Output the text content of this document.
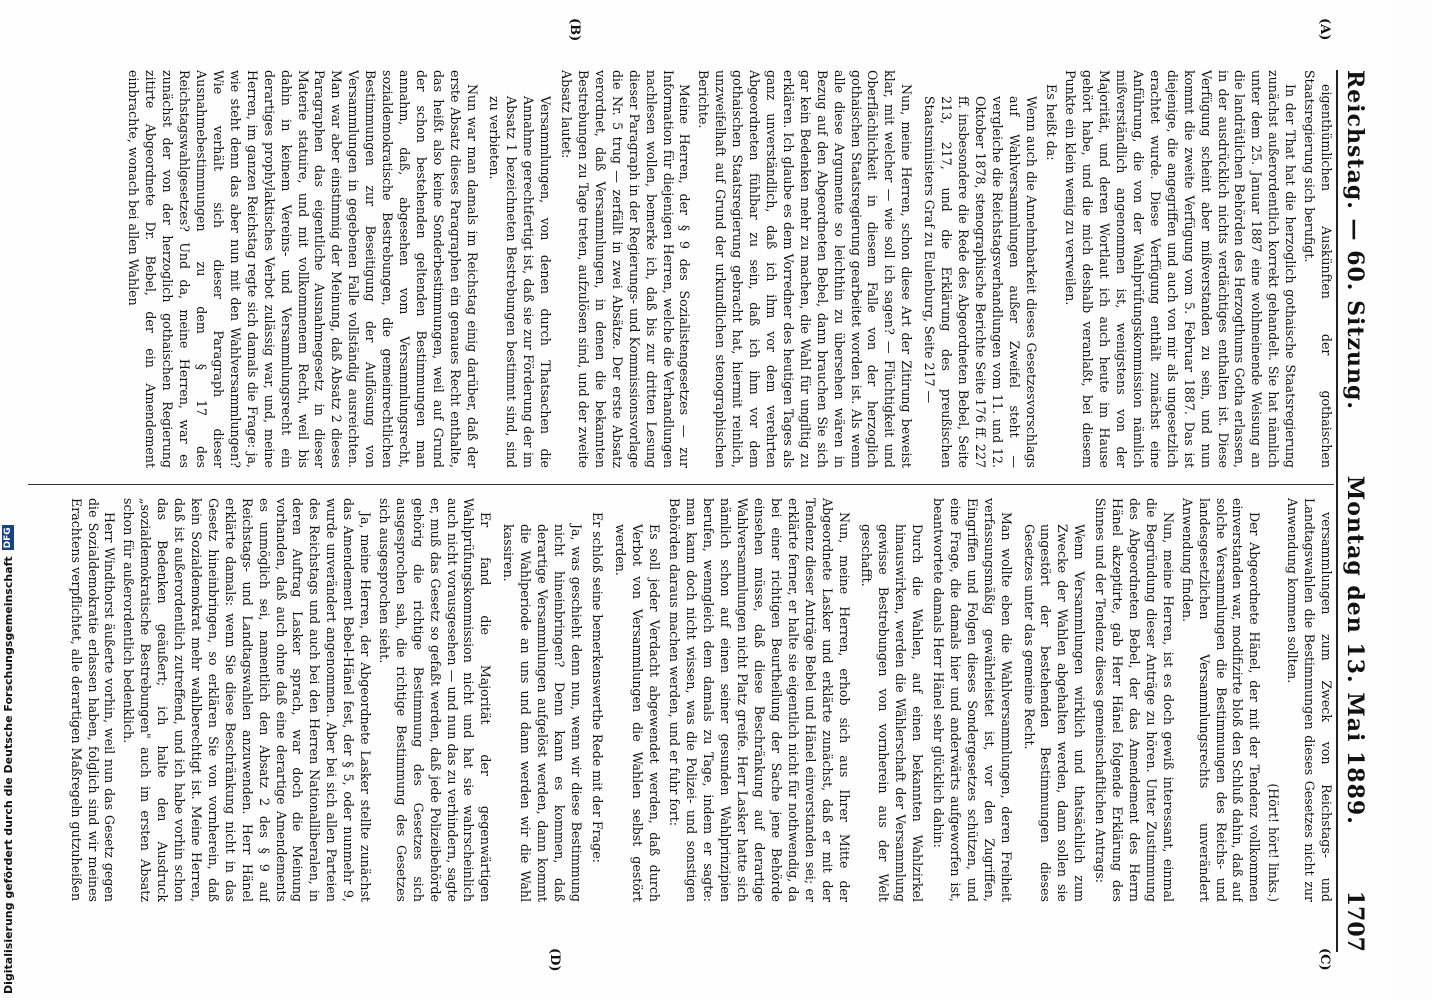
Reichstag. — 60. Sitzung.
Montag den 13. Mai 1889.
1707
(A)
(B)
(C)
(D)

eigenthümlichen Auskünften der gothaischen Staatsregierung sich berufigt.

In der That hat die herzoglich gothaische Staatsregierung zunächst außerordentlich korrekt gehandelt. Sie hat nämlich unter dem 25. Januar 1887 eine wohlmeinende Weisung an die landrätlichen Behörden des Herzogthums Gotha erlassen, in der ausdrücklich nichts verdächtiges enthalten ist. Diese Verfügung scheint aber mißverstanden zu sein, und nun kommt die zweite Verfügung vom 5. Februar 1887. Das ist diejenige, die angegriffen und auch von mir als ungesetzlich erachtet wurde. Diese Verfügung enthält zunächst eine Anführung, die von der Wahlprüfungskommission nämlich mißverständlich angenommen ist, wenigstens von der Majorität, und deren Wortlaut ich auch heute im Hause gehört habe, und die mich deshalb veranlaßt, bei diesem Punkte ein klein wenig zu verweilen.

Es heißt da:

Wenn auch die Annehmbarkeit dieses Gesetzesvorschlags auf Wahlversammlungen außer Zweifel steht — vergleiche die Reichstagsverhandlungen vom 11. und 12. Oktober 1878, stenographische Berichte Seite 176 ff. 227 ff. insbesondere die Rede des Abgeordneten Bebel, Seite 213, 217, und die Erklärung des preußischen Staatsministers Graf zu Eulenburg, Seite 217 —

Nun, meine Herren, schon diese Art der Zitirung beweist klar, mit welcher — wie soll ich sagen? — Flüchtigkeit und Oberflächlichkeit in diesem Falle von der herzoglich gothaischen Staatsregierung gearbeitet worden ist. Als wenn alle diese Argumente so leichthin zu übersehen wären in Bezug auf den Abgeordneten Bebel, dann brauchen Sie sich gar kein Bedenken mehr zu machen, die Wahl für ungiltig zu erklären. Ich glaube es dem Vorredner des heutigen Tages als ganz unverständlich, daß ich ihm vor dem verehrten Abgeordneten fühlbar zu sein, daß ich ihm vor dem gothaischen Staatsregierung gebracht hat, hiermit reinlich, unzweifelhaft auf Grund der urkundlichen stenographischen Berichte.

Meine Herren, der § 9 des Sozialistengesetzes — zur Information für diejenigen Herren, welche die Verhandlungen nachlesen wollen, bemerke ich, daß bis zur dritten Lesung dieser Paragraph in der Regierungs- und Kommissionsvorlage die Nr. 5 trug — zerfällt in zwei Absätze. Der erste Absatz verordnet, daß Versammlungen, in denen die bekannten Bestrebungen zu Tage treten, aufzulösen sind, und der zweite Absatz lautet:

Versammlungen, von denen durch Thatsachen die Annahme gerechtfertigt ist, daß sie zur Förderung der im Absatz 1 bezeichneten Bestrebungen bestimmt sind, sind zu verbieten.

Nun war man damals im Reichstag einig darüber, daß der erste Absatz dieses Paragraphen ein genaues Recht enthalte, das heißt also keine Sonderbestimmungen, weil auf Grund der schon bestehenden geltenden Bestimmungen man annahm, daß, abgesehen vom Versammlungsrecht, sozialdemokratische Bestrebungen, die gemeinrechtlichen Bestimmungen zur Beseitigung der Auflösung von Versammlungen in gegebenen Falle vollständig ausreichten. Man war aber einstimmig der Meinung, daß Absatz 2 dieses Paragraphen das eigentliche Ausnahmegesetz in dieser Materie statuire, und mit vollkommenem Recht, weil bis dahin in keinem Vereins- und Versammlungsrecht ein derartiges prophylaktisches Verbot zulässig war, und, meine Herren, im ganzen Reichstag regte sich damals die Frage: ja, wie steht denn das aber nun mit den Wahlversammlungen? Wie verhält sich dieser Paragraph dieser Ausnahmebestimmungen zu dem § 17 des Reichstagswahlgesetzes? Und da, meine Herren, war es zunächst der von der herzoglich gothaischen Regierung zitirte Abgeordnete Dr. Bebel, der ein Amendement einbrachte, wonach bei allen Wahlen

versammlungen zum Zweck von Reichstags- und Landtagswahlen die Bestimmungen dieses Gesetzes nicht zur Anwendung kommen sollten.

(Hört! hört! links.)

Der Abgeordnete Hänel, der mit der Tendenz vollkommen einverstanden war, modifizirte bloß den Schluß dahin, daß auf solche Versammlungen die Bestimmungen des Reichs- und landesgesetzlichen Versammlungsrechts unverändert Anwendung finden.

Nun, meine Herren, ist es doch gewiß interessant, einmal die Begründung dieser Anträge zu hören. Unter Zustimmung des Abgeordneten Bebel, der das Amendement des Herrn Hänel akzeptirte, gab Herr Hänel folgende Erklärung des Sinnes und der Tendenz dieses gemeinschaftlichen Antrags:

Wenn Versammlungen wirklich und thatsächlich zum Zwecke der Wahlen abgehalten werden, dann sollen sie ungestört der bestehenden Bestimmungen dieses Gesetzes unter das gemeine Recht.

Man wollte eben die Wahlversammlungen, deren Freiheit verfassungsmäßig gewährleistet ist, vor den Zugriffen, Eingriffen und Folgen dieses Sondergesetzes schützen, und eine Frage, die damals hier und anderwärts aufgeworfen ist, beantwortete damals Herr Hänel sehr glücklich dahin:

Durch die Wahlen, auf einen bekannten Wahlzirkel hinauswirken, werden die Wählerschaft der Versammlung gewisse Bestrebungen von vornherein aus der Welt geschafft.

Nun, meine Herren, erhob sich aus Ihrer Mitte der Abgeordnete Lasker und erklärte zunächst, daß er mit der Tendenz dieser Anträge Bebel und Hänel einverstanden sei; er erklärte ferner, er halte sie eigentlich nicht für nothwendig, da bei einer richtigen Beurtheilung der Sache jene Behörde einsehen müsse, daß diese Beschränkung auf derartige Wahlversammlungen nicht Platz greife. Herr Lasker hatte sich nämlich schon auf einen seiner gesunden Wahlprinzipien berufen, wenngleich dem damals zu Tage, indem er sagte: man kann doch nicht wissen, was die Polizei- und sonstigen Behörden daraus machen werden, und er fuhr fort:

Es soll jeder Verdacht abgewendet werden, daß durch Verbot von Versammlungen die Wahlen selbst gestört werden.

Er schloß seine bemerkenswerthe Rede mit der Frage:

Ja, was geschieht denn nun, wenn wir diese Bestimmung nicht hineinbringen? Denn kann es kommen, daß derartige Versammlungen aufgelöst werden, dann kommt die Wahlperiode an uns und dann werden wir die Wahl kassiren.

Er fand die Majorität der gegenwärtigen Wahlprüfungskommission nicht und hat sie wahrscheinlich auch nicht vorausgesehen — und nun das zu verhindern, sagte er, muß das Gesetz so gefaßt werden, daß jede Polizeibehörde gehörig die richtige Bestimmung des Gesetzes sich ausgesprochen sah, die richtige Bestimmung des Gesetzes sich ausgesprochen sieht.

Ja, meine Herren, der Abgeordnete Lasker stellte zunächst das Amendement Bebel-Hänel fest, der § 5, oder nunmehr 9, wurde unverändert angenommen. Aber bei sich allen Parteien des Reichstags und auch bei den Herren Nationalliberalen, in deren Auftrag Lasker sprach, war doch die Meinung vorhanden, daß auch ohne daß eine derartige Amendements es unmöglich sei, namentlich den Absatz 2 des § 9 auf Reichstags- und Landtagswahlen anzuwenden. Herr Hänel erklärte damals: wenn Sie diese Beschränkung nicht in das Gesetz hineinbringen, so erklären Sie von vornherein, daß kein Sozialdemokrat mehr wahlberechtigt ist. Meine Herren, daß ist außerordentlich zutreffend, und ich habe vorhin schon das Bedenken geäußert; ich halte den Ausdruck „sozialdemokratische Bestrebungen" auch im ersten Absatz schon für außerordentlich bedenklich.

Herr Windthorst äußerte vorhin, weil nun das Gesetz gegen die Sozialdemokratie erlassen haben, folglich sind wir meines Erachtens verpflichtet, alle derartigen Maßregeln gutzuheißen

Digitalisierung gefördert durch die Deutsche Forschungsgemeinschaft
DFG
